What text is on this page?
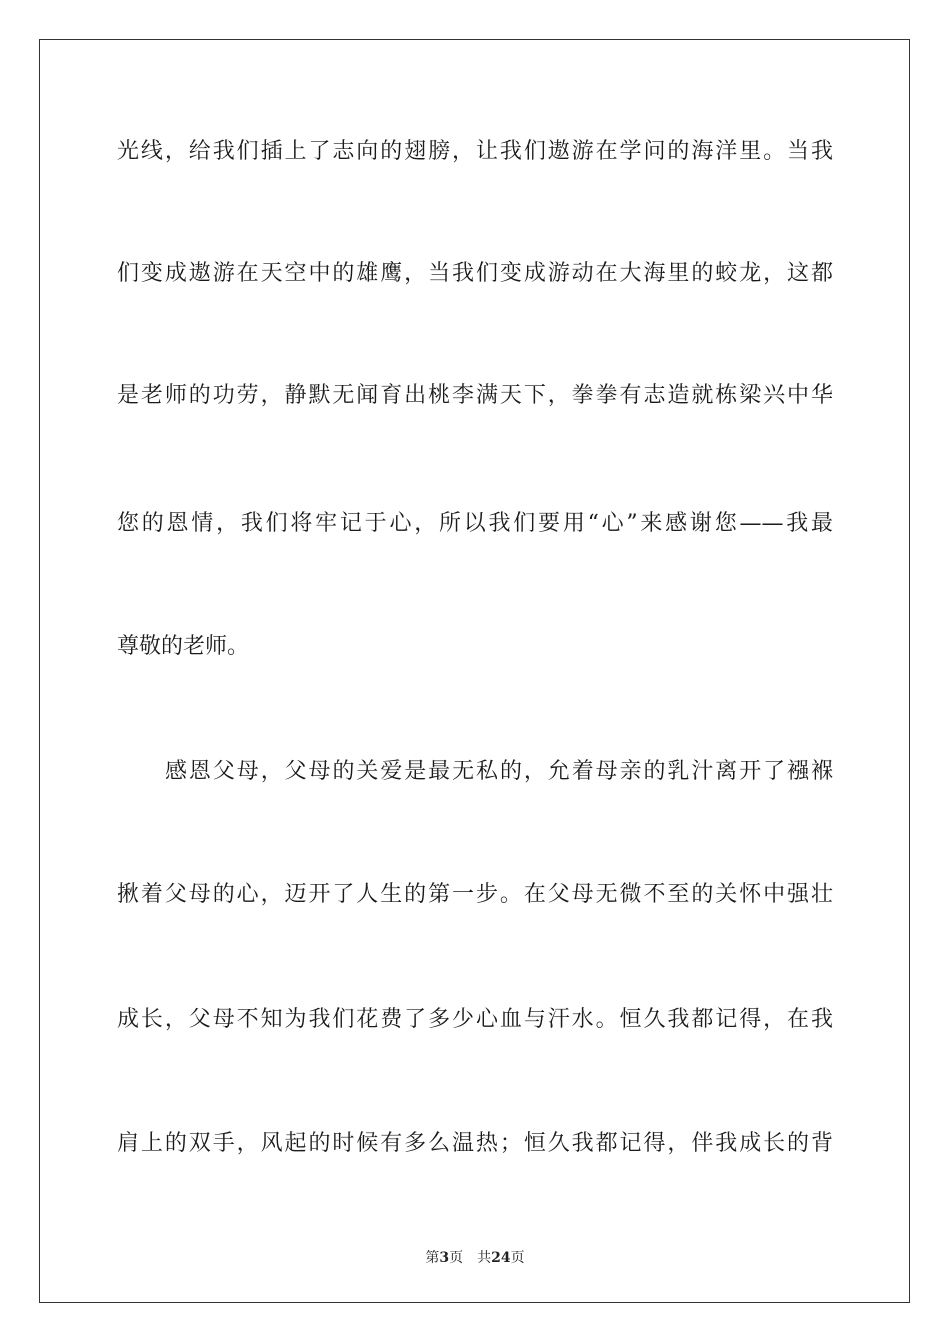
光线，给我们插上了志向的翅膀，让我们遨游在学问的海洋里。当我
们变成遨游在天空中的雄鹰，当我们变成游动在大海里的蛟龙，这都
是老师的功劳，静默无闻育出桃李满天下，拳拳有志造就栋梁兴中华
您的恩情，我们将牢记于心，所以我们要用“心”来感谢您——我最
尊敬的老师。
感恩父母，父母的关爱是最无私的，允着母亲的乳汁离开了襁褓
揪着父母的心，迈开了人生的第一步。在父母无微不至的关怀中强壮
成长，父母不知为我们花费了多少心血与汗水。恒久我都记得，在我
肩上的双手，风起的时候有多么温热；恒久我都记得，伴我成长的背
第3页 共24页
